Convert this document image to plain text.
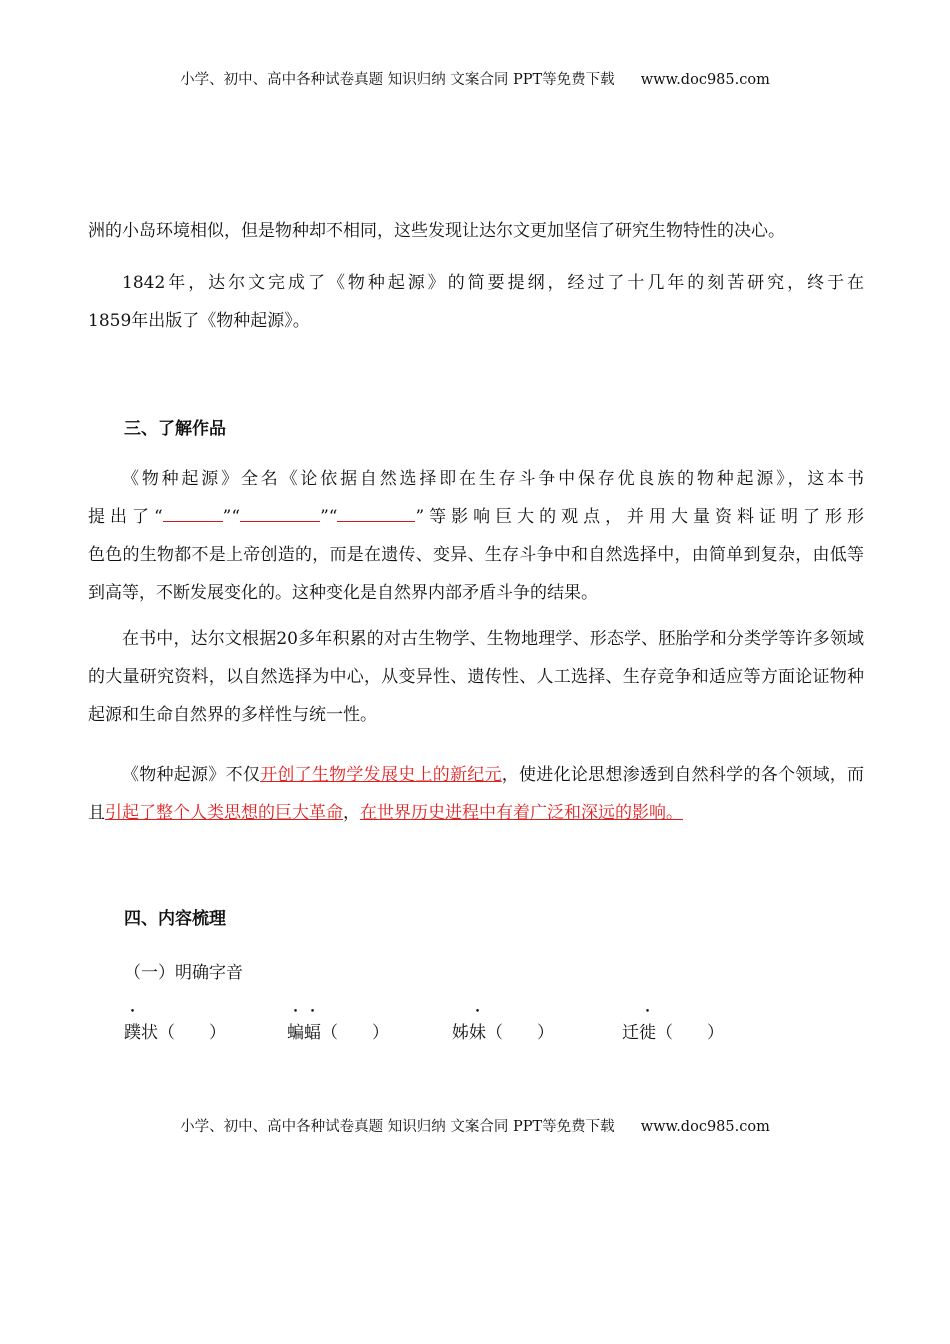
小学、初中、高中各种试卷真题 知识归纳 文案合同 PPT等免费下载 www.doc985.com

洲的小岛环境相似，但是物种却不相同，这些发现让达尔文更加坚信了研究生物特性的决心。

1842年，达尔文完成了《物种起源》的简要提纲，经过了十几年的刻苦研究，终于在
1859年出版了《物种起源》。
三、了解作品
《物种起源》全名《论依据自然选择即在生存斗争中保存优良族的物种起源》，这本书
提出了“	”“	”“	”等影响巨大的观点，并用大量资料证明了形形
色色的生物都不是上帝创造的，而是在遗传、变异、生存斗争中和自然选择中，由简单到复杂，由低等到高等，不断发展变化的。这种变化是自然界内部矛盾斗争的结果。

在书中，达尔文根据20多年积累的对古生物学、生物地理学、形态学、胚胎学和分类学等许多领域的大量研究资料，以自然选择为中心，从变异性、遗传性、人工选择、生存竞争和适应等方面论证物种起源和生命自然界的多样性与统一性。

《物种起源》不仅开创了生物学发展史上的新纪元，使进化论思想渗透到自然科学的各个领域，而且引起了整个人类思想的巨大革命，在世界历史进程中有着广泛和深远的影响。

四、内容梳理
（一）明确字音
蹼状（　　）	蝙蝠（　　）	姊妹（　　）	迁徙（　　）
小学、初中、高中各种试卷真题 知识归纳 文案合同 PPT等免费下载 www.doc985.com
